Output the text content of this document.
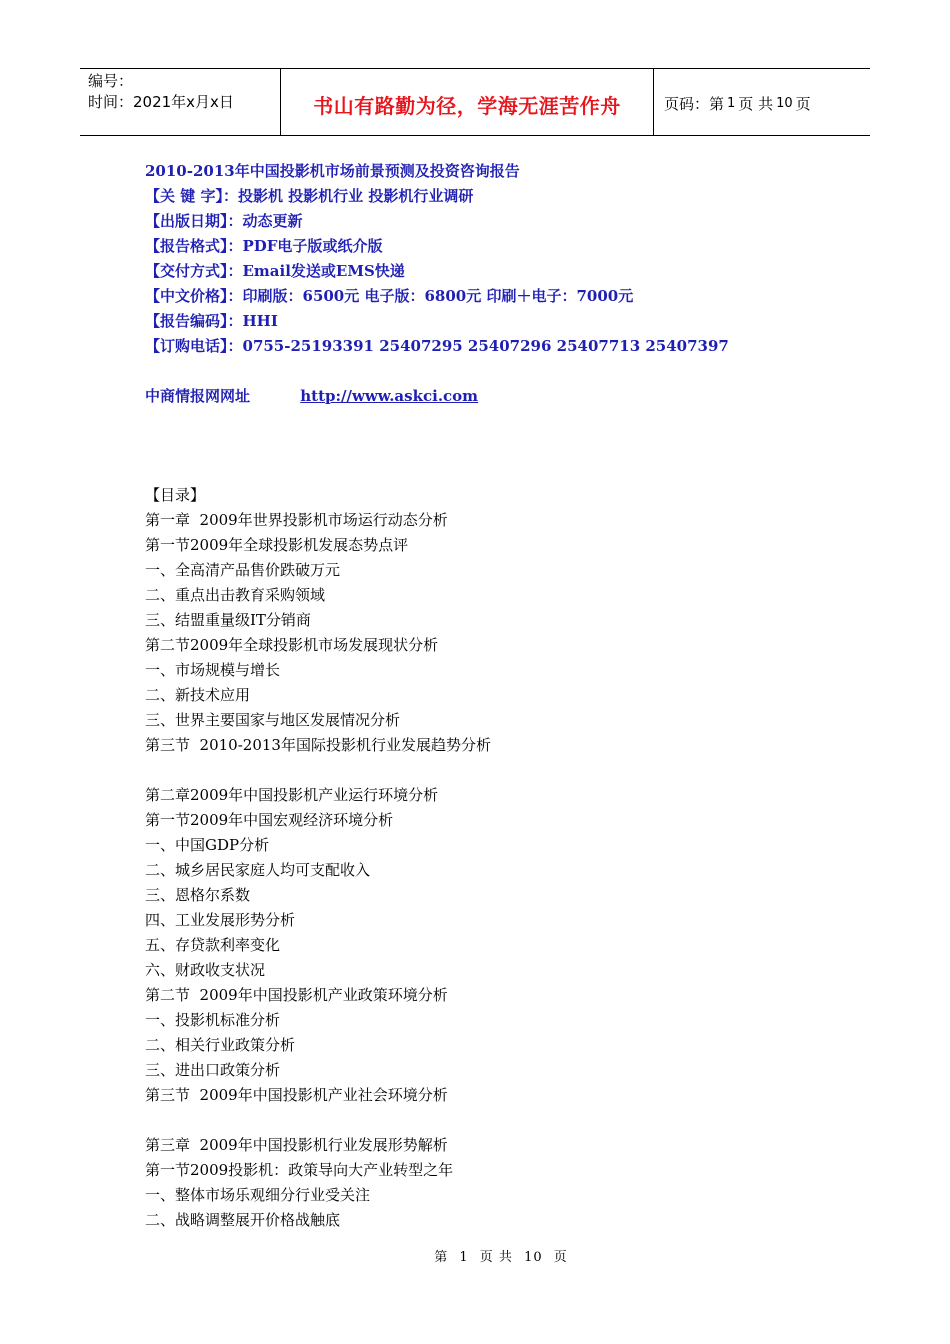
编号：
时间：2021年x月x日	书山有路勤为径，学海无涯苦作舟	页码：第 1 页 共 10 页
2010-2013年中国投影机市场前景预测及投资咨询报告
【关 键 字】：投影机 投影机行业 投影机行业调研
【出版日期】：动态更新
【报告格式】：PDF电子版或纸介版
【交付方式】：Email发送或EMS快递
【中文价格】：印刷版：6500元 电子版：6800元 印刷＋电子：7000元
【报告编码】：HHI
【订购电话】：0755-25193391 25407295 25407296 25407713 25407397
中商情报网网址	http://www.askci.com
【目录】
第一章  2009年世界投影机市场运行动态分析
第一节2009年全球投影机发展态势点评
一、全高清产品售价跌破万元
二、重点出击教育采购领域
三、结盟重量级IT分销商
第二节2009年全球投影机市场发展现状分析
一、市场规模与增长
二、新技术应用
三、世界主要国家与地区发展情况分析
第三节  2010-2013年国际投影机行业发展趋势分析
第二章2009年中国投影机产业运行环境分析
第一节2009年中国宏观经济环境分析
一、中国GDP分析
二、城乡居民家庭人均可支配收入
三、恩格尔系数
四、工业发展形势分析
五、存贷款利率变化
六、财政收支状况
第二节  2009年中国投影机产业政策环境分析
一、投影机标准分析
二、相关行业政策分析
三、进出口政策分析
第三节  2009年中国投影机产业社会环境分析
第三章  2009年中国投影机行业发展形势解析
第一节2009投影机：政策导向大产业转型之年
一、整体市场乐观细分行业受关注
二、战略调整展开价格战触底
第 1 页 共 10 页
